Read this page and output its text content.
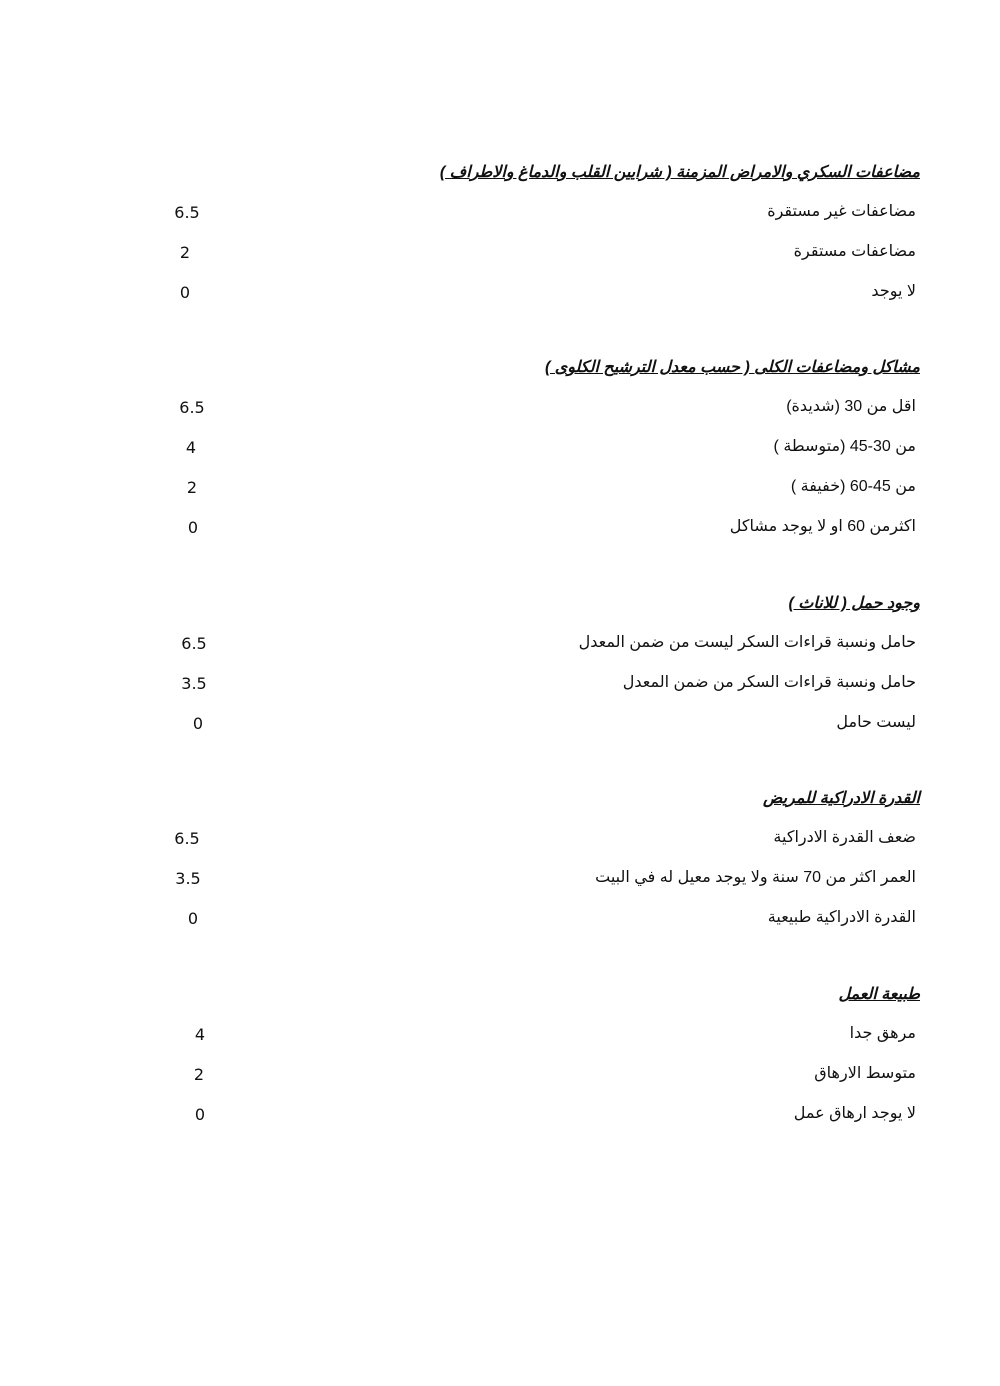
مضاعفات السكري والامراض المزمنة ( شرايين القلب والدماغ والاطراف )
مضاعفات غير مستقرة
6.5
مضاعفات مستقرة
2
لا يوجد
0
مشاكل ومضاعفات الكلى ( حسب معدل الترشيح الكلوى )
اقل من 30 (شديدة)
6.5
من 30-45 (متوسطة )
4
من 45-60 (خفيفة )
2
اكثرمن 60 او لا يوجد مشاكل
0
وجود حمل ( للاناث )
حامل ونسبة قراءات السكر ليست من ضمن المعدل
6.5
حامل ونسبة قراءات السكر من ضمن المعدل
3.5
ليست حامل
0
القدرة الادراكية للمريض
ضعف القدرة الادراكية
6.5
العمر اكثر من 70 سنة ولا يوجد معيل له في البيت
3.5
القدرة الادراكية طبيعية
0
طبيعة العمل
مرهق جدا
4
متوسط الارهاق
2
لا يوجد ارهاق عمل
0
